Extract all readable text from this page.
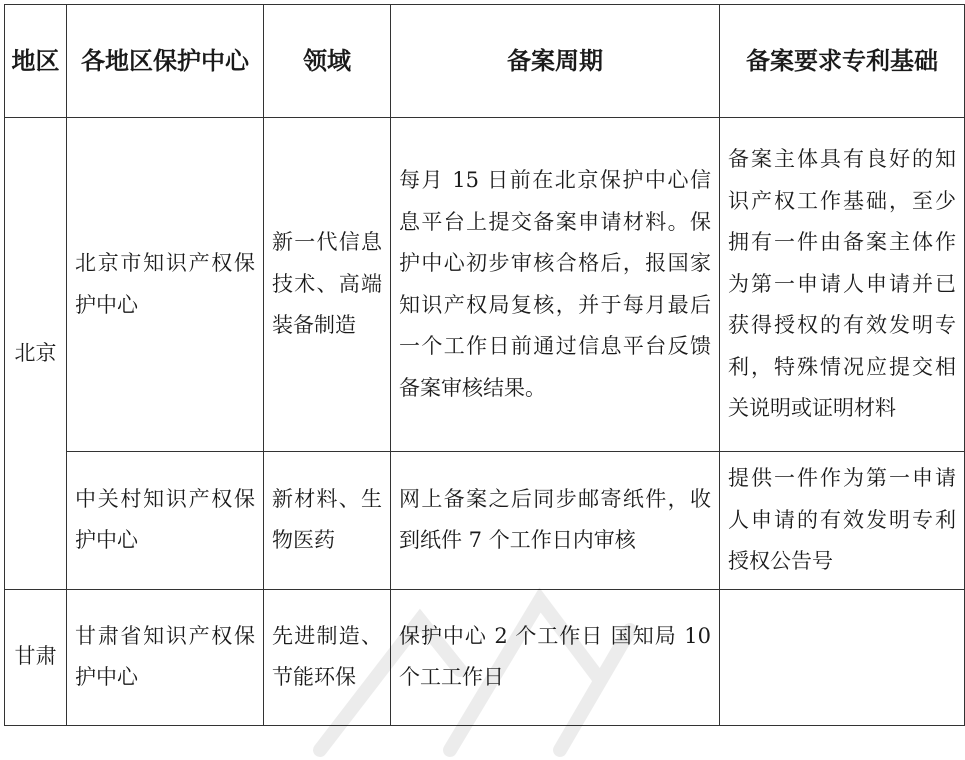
地区	各地区保护中心	领域	备案周期	备案要求专利基础
北京	北京市知识产权保护中心	新一代信息技术、高端装备制造	每月 15 日前在北京保护中心信息平台上提交备案申请材料。保护中心初步审核合格后，报国家知识产权局复核，并于每月最后一个工作日前通过信息平台反馈备案审核结果。	备案主体具有良好的知识产权工作基础，至少拥有一件由备案主体作为第一申请人申请并已获得授权的有效发明专利，特殊情况应提交相关说明或证明材料
	中关村知识产权保护中心	新材料、生物医药	网上备案之后同步邮寄纸件，收到纸件 7 个工作日内审核	提供一件作为第一申请人申请的有效发明专利授权公告号
甘肃	甘肃省知识产权保护中心	先进制造、节能环保	保护中心 2 个工作日 国知局 10 个工工作日	
